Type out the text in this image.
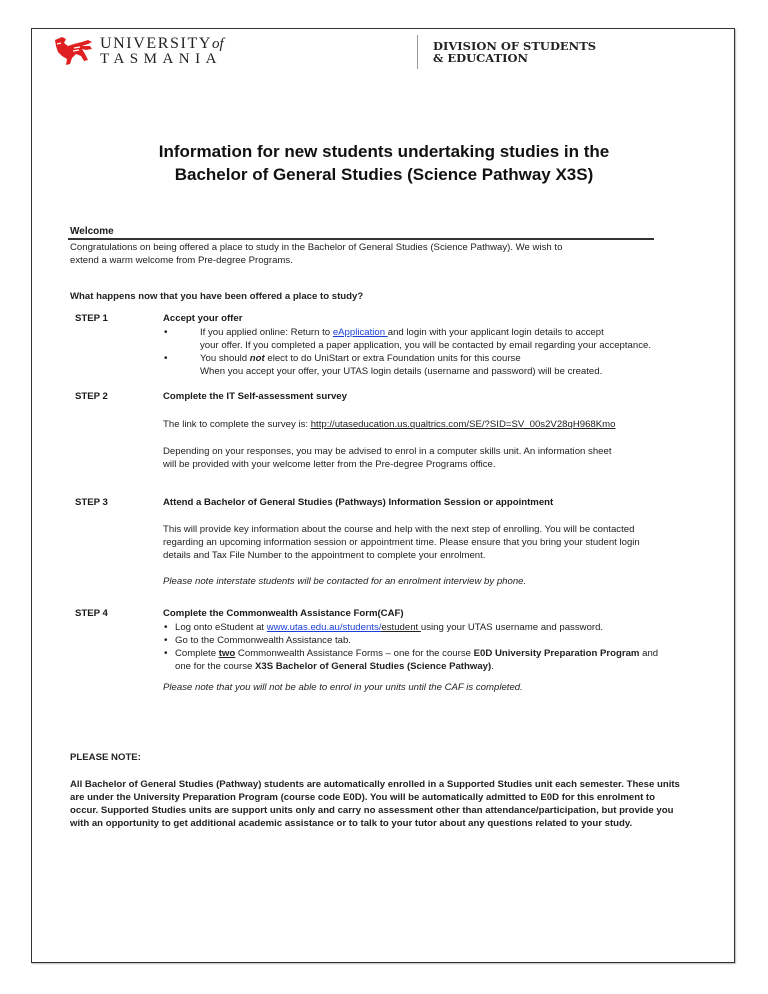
UNIVERSITYof
TASMANIA
DIVISION OF STUDENTS
& EDUCATION
Information for new students undertaking studies in the
Bachelor of General Studies (Science Pathway X3S)
Welcome
Congratulations on being offered a place to study in the Bachelor of General Studies (Science Pathway). We wish to
extend a warm welcome from Pre-degree Programs.
What happens now that you have been offered a place to study?
STEP 1	Accept your offer
•	If you applied online: Return to eApplication and login with your applicant login details to accept
your offer. If you completed a paper application, you will be contacted by email regarding your acceptance.
•	You should not elect to do UniStart or extra Foundation units for this course
When you accept your offer, your UTAS login details (username and password) will be created.
STEP 2	Complete the IT Self-assessment survey
The link to complete the survey is: http://utaseducation.us.qualtrics.com/SE/?SID=SV_00s2V28qH968Kmo
Depending on your responses, you may be advised to enrol in a computer skills unit. An information sheet
will be provided with your welcome letter from the Pre-degree Programs office.
STEP 3	Attend a Bachelor of General Studies (Pathways) Information Session or appointment
This will provide key information about the course and help with the next step of enrolling. You will be contacted
regarding an upcoming information session or appointment time. Please ensure that you bring your student login
details and Tax File Number to the appointment to complete your enrolment.
Please note interstate students will be contacted for an enrolment interview by phone.
STEP 4	Complete the Commonwealth Assistance Form(CAF)
• Log onto eStudent at www.utas.edu.au/students/estudent using your UTAS username and password.
• Go to the Commonwealth Assistance tab.
• Complete two Commonwealth Assistance Forms – one for the course E0D University Preparation Program and
one for the course X3S Bachelor of General Studies (Science Pathway).
Please note that you will not be able to enrol in your units until the CAF is completed.
PLEASE NOTE:
All Bachelor of General Studies (Pathway) students are automatically enrolled in a Supported Studies unit each semester. These units
are under the University Preparation Program (course code E0D). You will be automatically admitted to E0D for this enrolment to
occur. Supported Studies units are support units only and carry no assessment other than attendance/participation, but provide you
with an opportunity to get additional academic assistance or to talk to your tutor about any questions related to your study.
